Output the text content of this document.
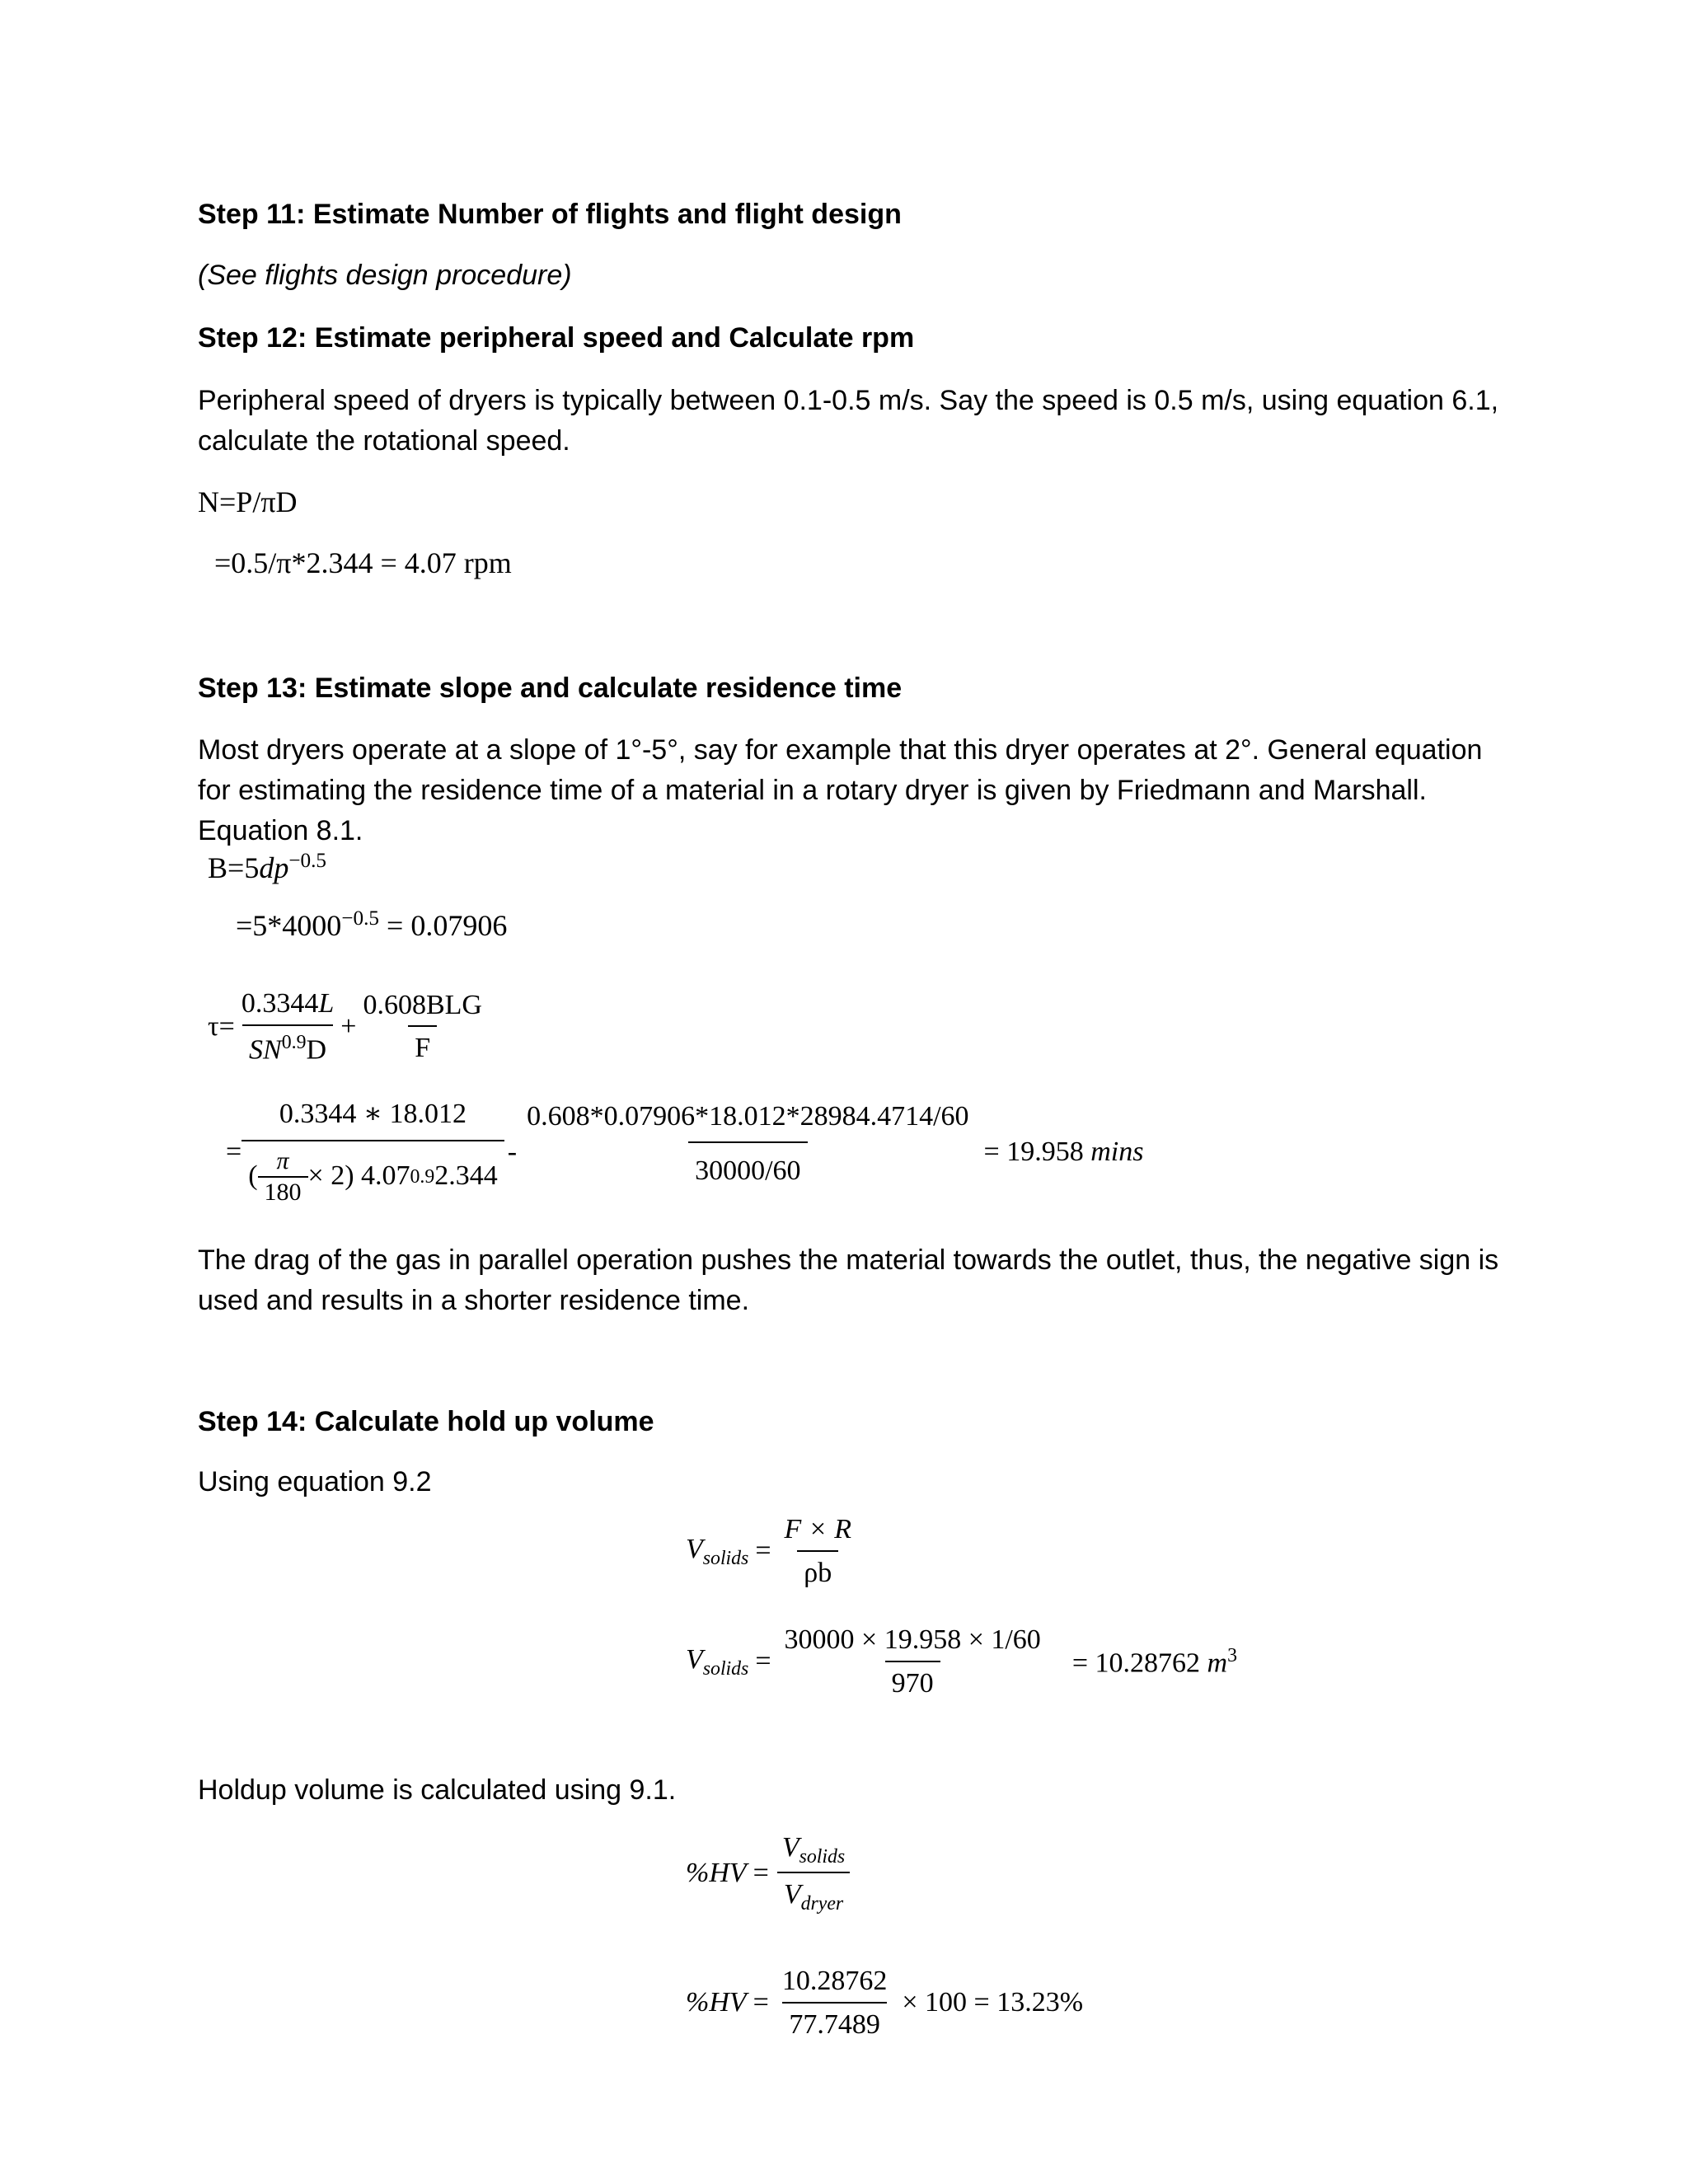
Step 11: Estimate Number of flights and flight design
(See flights design procedure)
Step 12: Estimate peripheral speed and Calculate rpm
Peripheral speed of dryers is typically between 0.1-0.5 m/s. Say the speed is 0.5 m/s, using equation 6.1, calculate the rotational speed.
N=P/πD
=0.5/π*2.344 = 4.07 rpm
Step 13: Estimate slope and calculate residence time
Most dryers operate at a slope of 1°-5°, say for example that this dryer operates at 2°. General equation for estimating the residence time of a material in a rotary dryer is given by Friedmann and Marshall. Equation 8.1.
$B=5dp^{-0.5}$
$=5*4000^{-0.5} = 0.07906$
$\tau= \frac{0.3344L}{SN^{0.9}D} + \frac{\text{0.608BLG}}{F}$
=
0.3344 ∗ 18.012
( $\frac{\pi}{180} \times 2$) 4.07 0.9 2.344
- $\frac{0.608*0.07906*18.012*28984.4714/60}{30000/60} = 19.958$ mins
The drag of the gas in parallel operation pushes the material towards the outlet, thus, the negative sign is used and results in a shorter residence time.
Step 14: Calculate hold up volume
Using equation 9.2
$V_{solids} = \frac{F \times R}{\rho b}$
$V_{solids} = \frac{30000 \times 19.958 \times 1/60}{970} = 10.28762$ $m^3$
Holdup volume is calculated using 9.1.
$\%HV = \frac{V_{solids}}{V_{dryer}}$
$\%HV = \frac{10.28762}{77.7489} \times 100 = 13.23\%$
